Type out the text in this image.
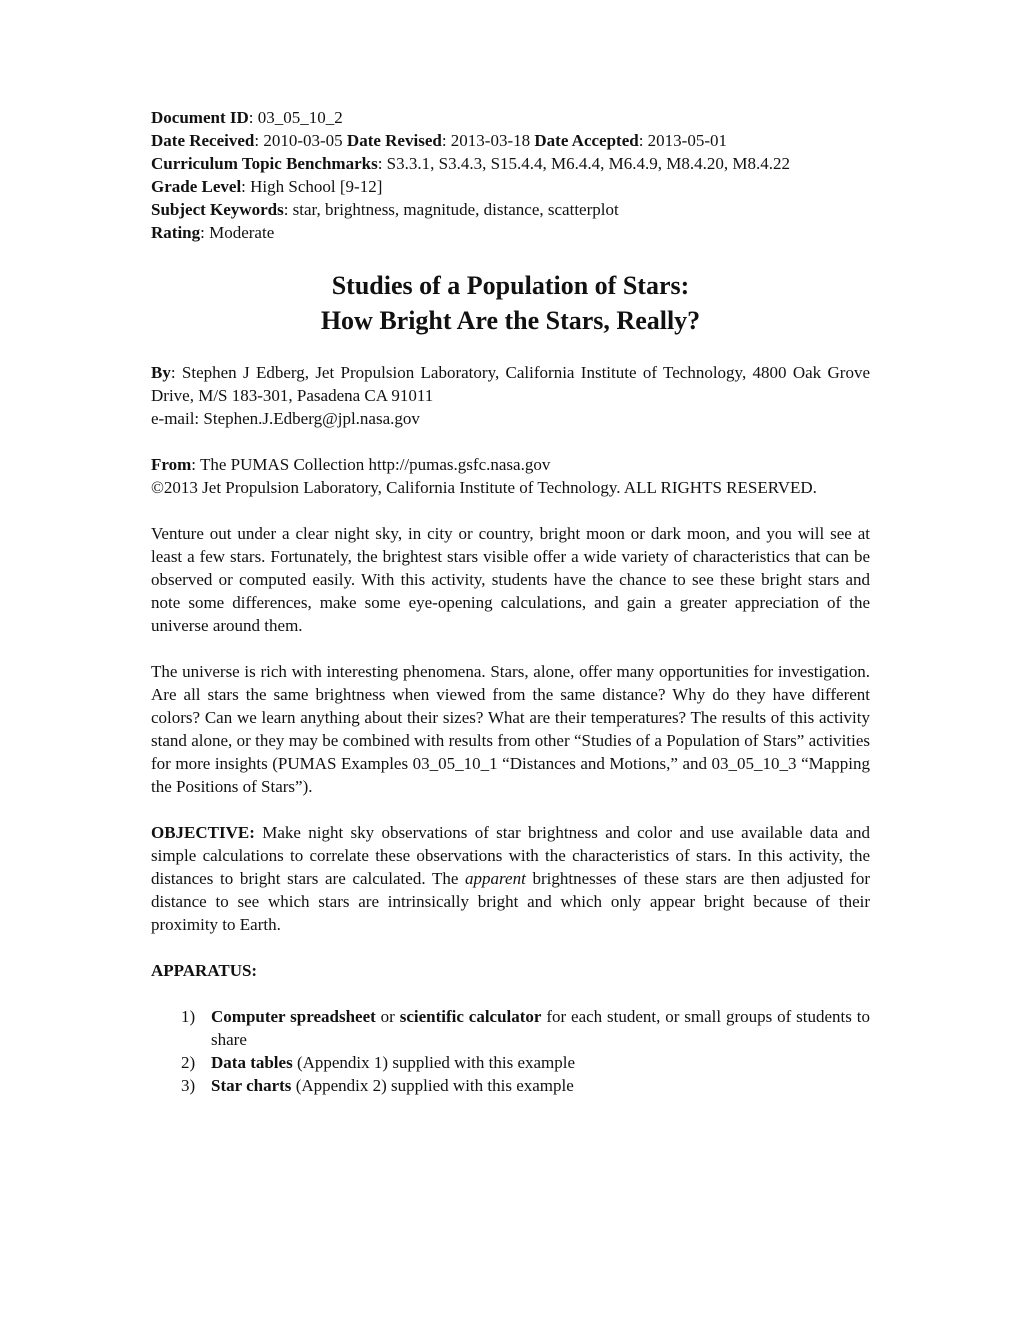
Document ID: 03_05_10_2

Date Received: 2010-03-05 Date Revised: 2013-03-18 Date Accepted: 2013-05-01

Curriculum Topic Benchmarks: S3.3.1, S3.4.3, S15.4.4, M6.4.4, M6.4.9, M8.4.20, M8.4.22

Grade Level: High School [9-12]

Subject Keywords: star, brightness, magnitude, distance, scatterplot

Rating: Moderate

Studies of a Population of Stars:
How Bright Are the Stars, Really?

By: Stephen J Edberg, Jet Propulsion Laboratory, California Institute of Technology, 4800 Oak Grove Drive, M/S 183-301, Pasadena CA 91011

e-mail: Stephen.J.Edberg@jpl.nasa.gov

From: The PUMAS Collection http://pumas.gsfc.nasa.gov

©2013 Jet Propulsion Laboratory, California Institute of Technology. ALL RIGHTS RESERVED.

Venture out under a clear night sky, in city or country, bright moon or dark moon, and you will see at least a few stars. Fortunately, the brightest stars visible offer a wide variety of characteristics that can be observed or computed easily. With this activity, students have the chance to see these bright stars and note some differences, make some eye-opening calculations, and gain a greater appreciation of the universe around them.

The universe is rich with interesting phenomena. Stars, alone, offer many opportunities for investigation. Are all stars the same brightness when viewed from the same distance? Why do they have different colors? Can we learn anything about their sizes? What are their temperatures? The results of this activity stand alone, or they may be combined with results from other “Studies of a Population of Stars” activities for more insights (PUMAS Examples 03_05_10_1 “Distances and Motions,” and 03_05_10_3 “Mapping the Positions of Stars”).

OBJECTIVE: Make night sky observations of star brightness and color and use available data and simple calculations to correlate these observations with the characteristics of stars. In this activity, the distances to bright stars are calculated. The apparent brightnesses of these stars are then adjusted for distance to see which stars are intrinsically bright and which only appear bright because of their proximity to Earth.

APPARATUS:

1) Computer spreadsheet or scientific calculator for each student, or small groups of students to share
2) Data tables (Appendix 1) supplied with this example
3) Star charts (Appendix 2) supplied with this example
